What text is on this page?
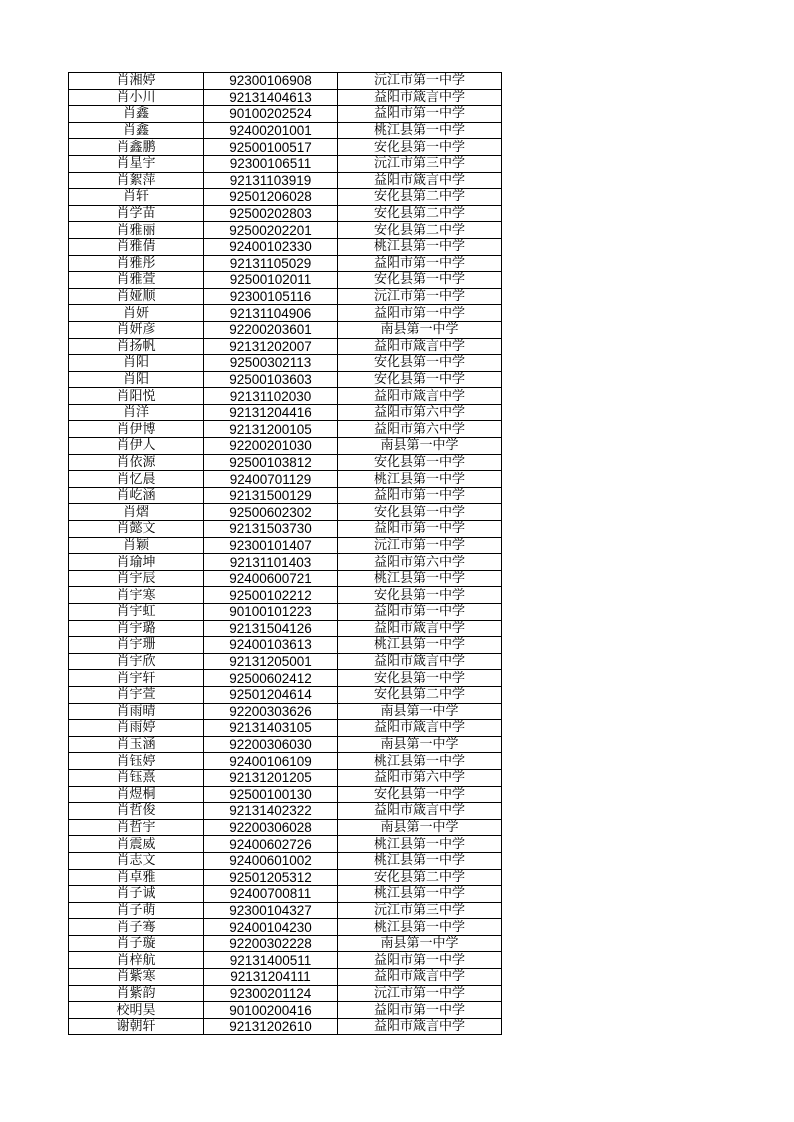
肖湘婷	92300106908	沅江市第一中学
肖小川	92131404613	益阳市箴言中学
肖鑫	90100202524	益阳市第一中学
肖鑫	92400201001	桃江县第一中学
肖鑫鹏	92500100517	安化县第一中学
肖星宇	92300106511	沅江市第三中学
肖絮萍	92131103919	益阳市箴言中学
肖轩	92501206028	安化县第二中学
肖学苗	92500202803	安化县第二中学
肖雅丽	92500202201	安化县第二中学
肖雅倩	92400102330	桃江县第一中学
肖雅彤	92131105029	益阳市第一中学
肖雅萱	92500102011	安化县第一中学
肖娅顺	92300105116	沅江市第一中学
肖妍	92131104906	益阳市第一中学
肖妍彦	92200203601	南县第一中学
肖扬帆	92131202007	益阳市箴言中学
肖阳	92500302113	安化县第一中学
肖阳	92500103603	安化县第一中学
肖阳悦	92131102030	益阳市箴言中学
肖洋	92131204416	益阳市第六中学
肖伊博	92131200105	益阳市第六中学
肖伊人	92200201030	南县第一中学
肖依源	92500103812	安化县第一中学
肖忆晨	92400701129	桃江县第一中学
肖屹涵	92131500129	益阳市第一中学
肖熠	92500602302	安化县第一中学
肖懿文	92131503730	益阳市第一中学
肖颖	92300101407	沅江市第一中学
肖瑜坤	92131101403	益阳市第六中学
肖宇辰	92400600721	桃江县第一中学
肖宇寒	92500102212	安化县第一中学
肖宇虹	90100101223	益阳市第一中学
肖宇璐	92131504126	益阳市箴言中学
肖宇珊	92400103613	桃江县第一中学
肖宇欣	92131205001	益阳市箴言中学
肖宇轩	92500602412	安化县第一中学
肖宇萱	92501204614	安化县第二中学
肖雨晴	92200303626	南县第一中学
肖雨婷	92131403105	益阳市箴言中学
肖玉涵	92200306030	南县第一中学
肖钰婷	92400106109	桃江县第一中学
肖钰熹	92131201205	益阳市第六中学
肖煜桐	92500100130	安化县第一中学
肖哲俊	92131402322	益阳市箴言中学
肖哲宇	92200306028	南县第一中学
肖震威	92400602726	桃江县第一中学
肖志文	92400601002	桃江县第一中学
肖卓雅	92501205312	安化县第二中学
肖子诚	92400700811	桃江县第一中学
肖子萌	92300104327	沅江市第三中学
肖子骞	92400104230	桃江县第一中学
肖子璇	92200302228	南县第一中学
肖梓航	92131400511	益阳市第一中学
肖紫寒	92131204111	益阳市箴言中学
肖紫韵	92300201124	沅江市第一中学
校明昊	90100200416	益阳市第一中学
谢朝轩	92131202610	益阳市箴言中学
